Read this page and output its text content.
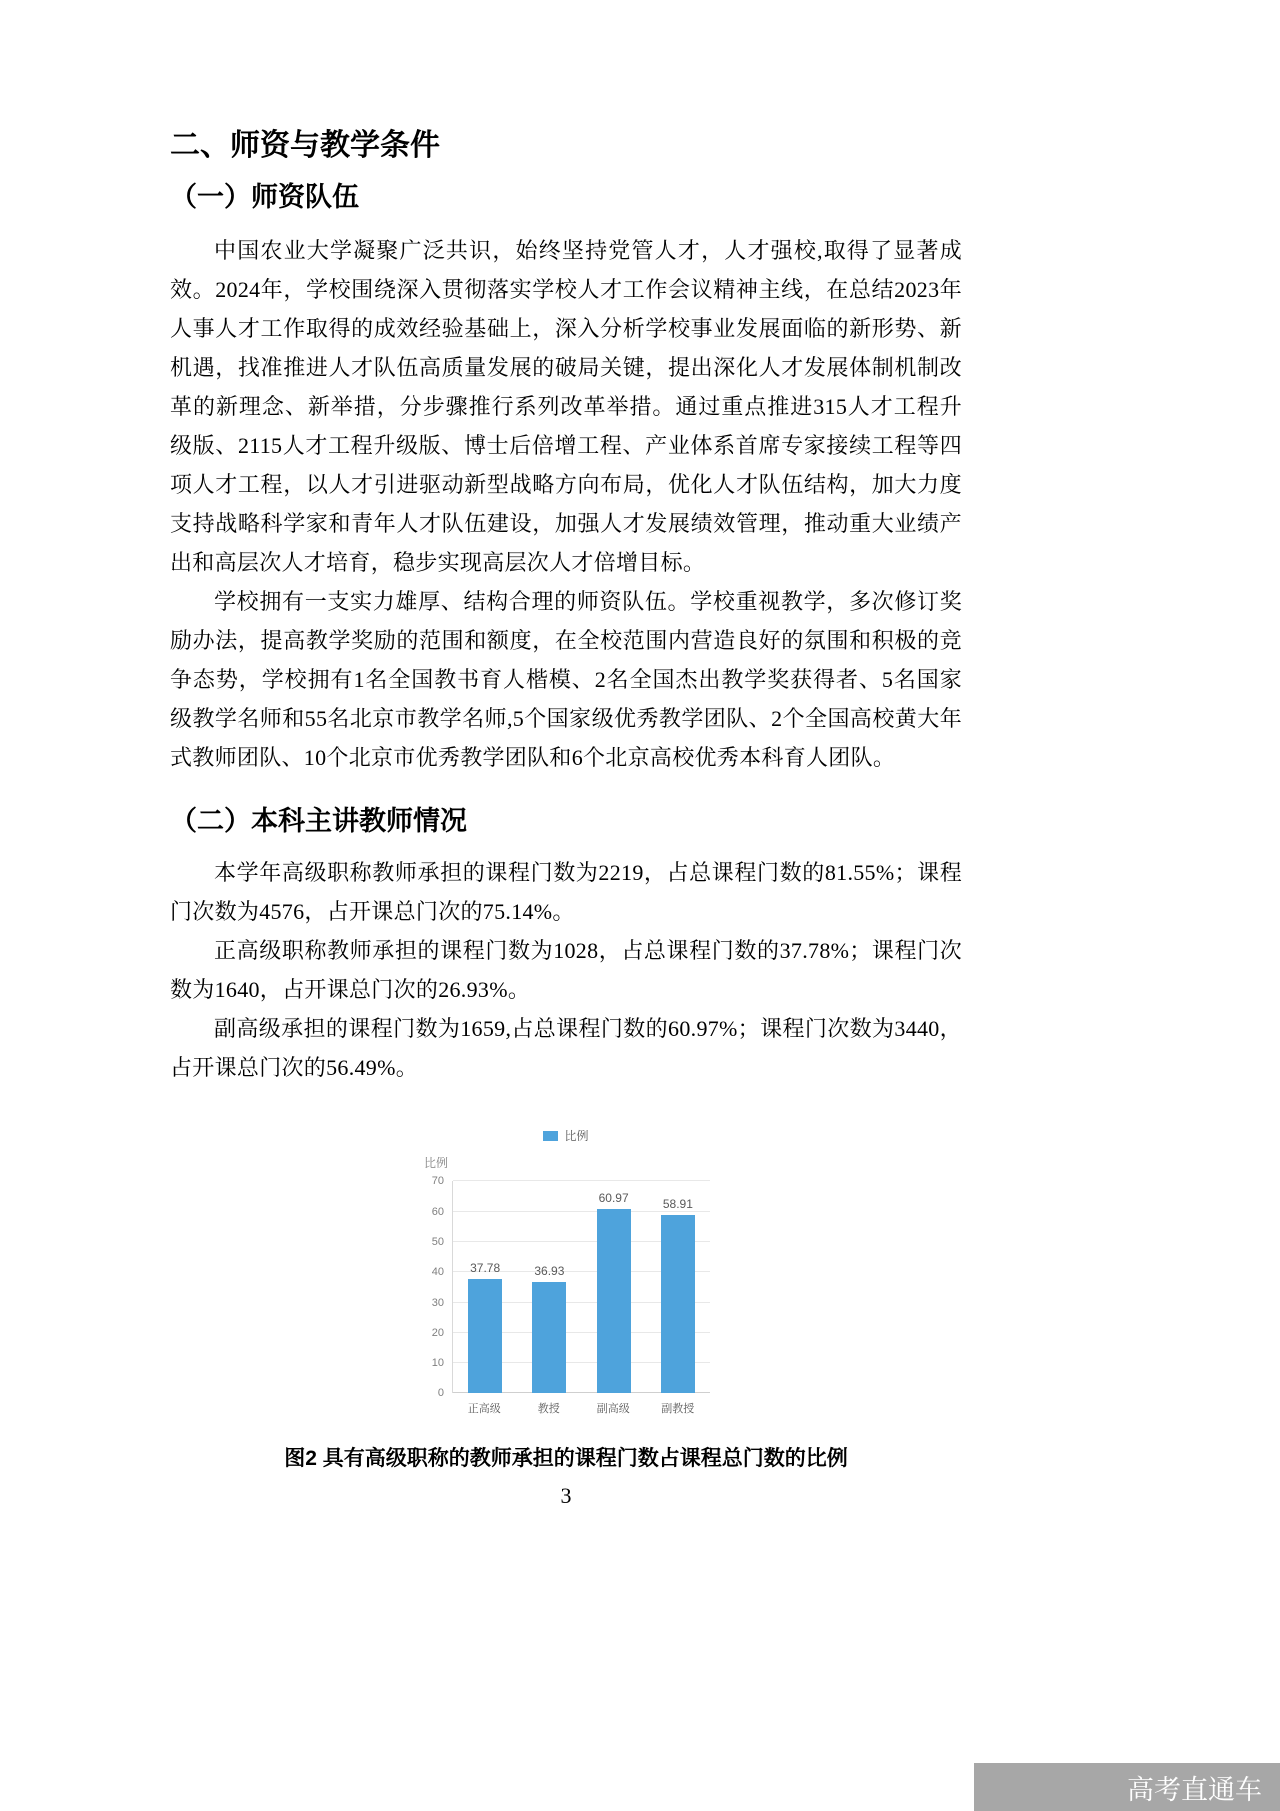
二、师资与教学条件
（一）师资队伍

中国农业大学凝聚广泛共识，始终坚持党管人才，人才强校,取得了显著成效。2024年，学校围绕深入贯彻落实学校人才工作会议精神主线，在总结2023年人事人才工作取得的成效经验基础上，深入分析学校事业发展面临的新形势、新机遇，找准推进人才队伍高质量发展的破局关键，提出深化人才发展体制机制改革的新理念、新举措，分步骤推行系列改革举措。通过重点推进315人才工程升级版、2115人才工程升级版、博士后倍增工程、产业体系首席专家接续工程等四项人才工程，以人才引进驱动新型战略方向布局，优化人才队伍结构，加大力度支持战略科学家和青年人才队伍建设，加强人才发展绩效管理，推动重大业绩产出和高层次人才培育，稳步实现高层次人才倍增目标。

学校拥有一支实力雄厚、结构合理的师资队伍。学校重视教学，多次修订奖励办法，提高教学奖励的范围和额度，在全校范围内营造良好的氛围和积极的竞争态势，学校拥有1名全国教书育人楷模、2名全国杰出教学奖获得者、5名国家级教学名师和55名北京市教学名师,5个国家级优秀教学团队、2个全国高校黄大年式教师团队、10个北京市优秀教学团队和6个北京高校优秀本科育人团队。

（二）本科主讲教师情况

本学年高级职称教师承担的课程门数为2219，占总课程门数的81.55%；课程门次数为4576，占开课总门次的75.14%。

正高级职称教师承担的课程门数为1028，占总课程门数的37.78%；课程门次数为1640，占开课总门次的26.93%。

副高级承担的课程门数为1659,占总课程门数的60.97%；课程门次数为3440，占开课总门次的56.49%。

比例
比例
70
60
50
40
30
20
10
0
37.78	36.93
60.97	58.91
正高级	教授	副高级	副教授
图2 具有高级职称的教师承担的课程门数占课程总门数的比例
3
高考直通车
